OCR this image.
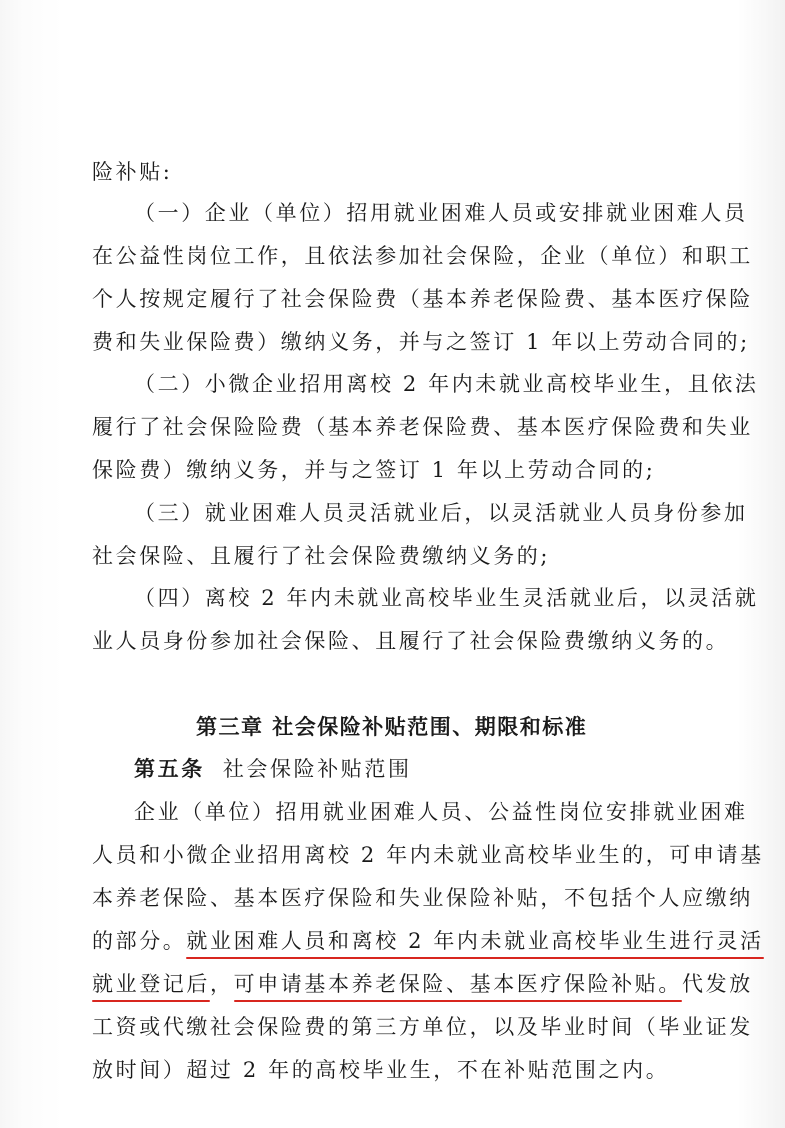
险补贴:
（一）企业（单位）招用就业困难人员或安排就业困难人员
在公益性岗位工作，且依法参加社会保险，企业（单位）和职工
个人按规定履行了社会保险费（基本养老保险费、基本医疗保险
费和失业保险费）缴纳义务，并与之签订 1 年以上劳动合同的;
（二）小微企业招用离校 2 年内未就业高校毕业生，且依法
履行了社会保险险费（基本养老保险费、基本医疗保险费和失业
保险费）缴纳义务，并与之签订 1 年以上劳动合同的;
（三）就业困难人员灵活就业后，以灵活就业人员身份参加
社会保险、且履行了社会保险费缴纳义务的;
（四）离校 2 年内未就业高校毕业生灵活就业后，以灵活就
业人员身份参加社会保险、且履行了社会保险费缴纳义务的。
第三章 社会保险补贴范围、期限和标准
第五条 社会保险补贴范围
企业（单位）招用就业困难人员、公益性岗位安排就业困难
人员和小微企业招用离校 2 年内未就业高校毕业生的，可申请基
本养老保险、基本医疗保险和失业保险补贴，不包括个人应缴纳
的部分。就业困难人员和离校 2 年内未就业高校毕业生进行灵活
就业登记后，可申请基本养老保险、基本医疗保险补贴。代发放
工资或代缴社会保险费的第三方单位，以及毕业时间（毕业证发
放时间）超过 2 年的高校毕业生，不在补贴范围之内。
